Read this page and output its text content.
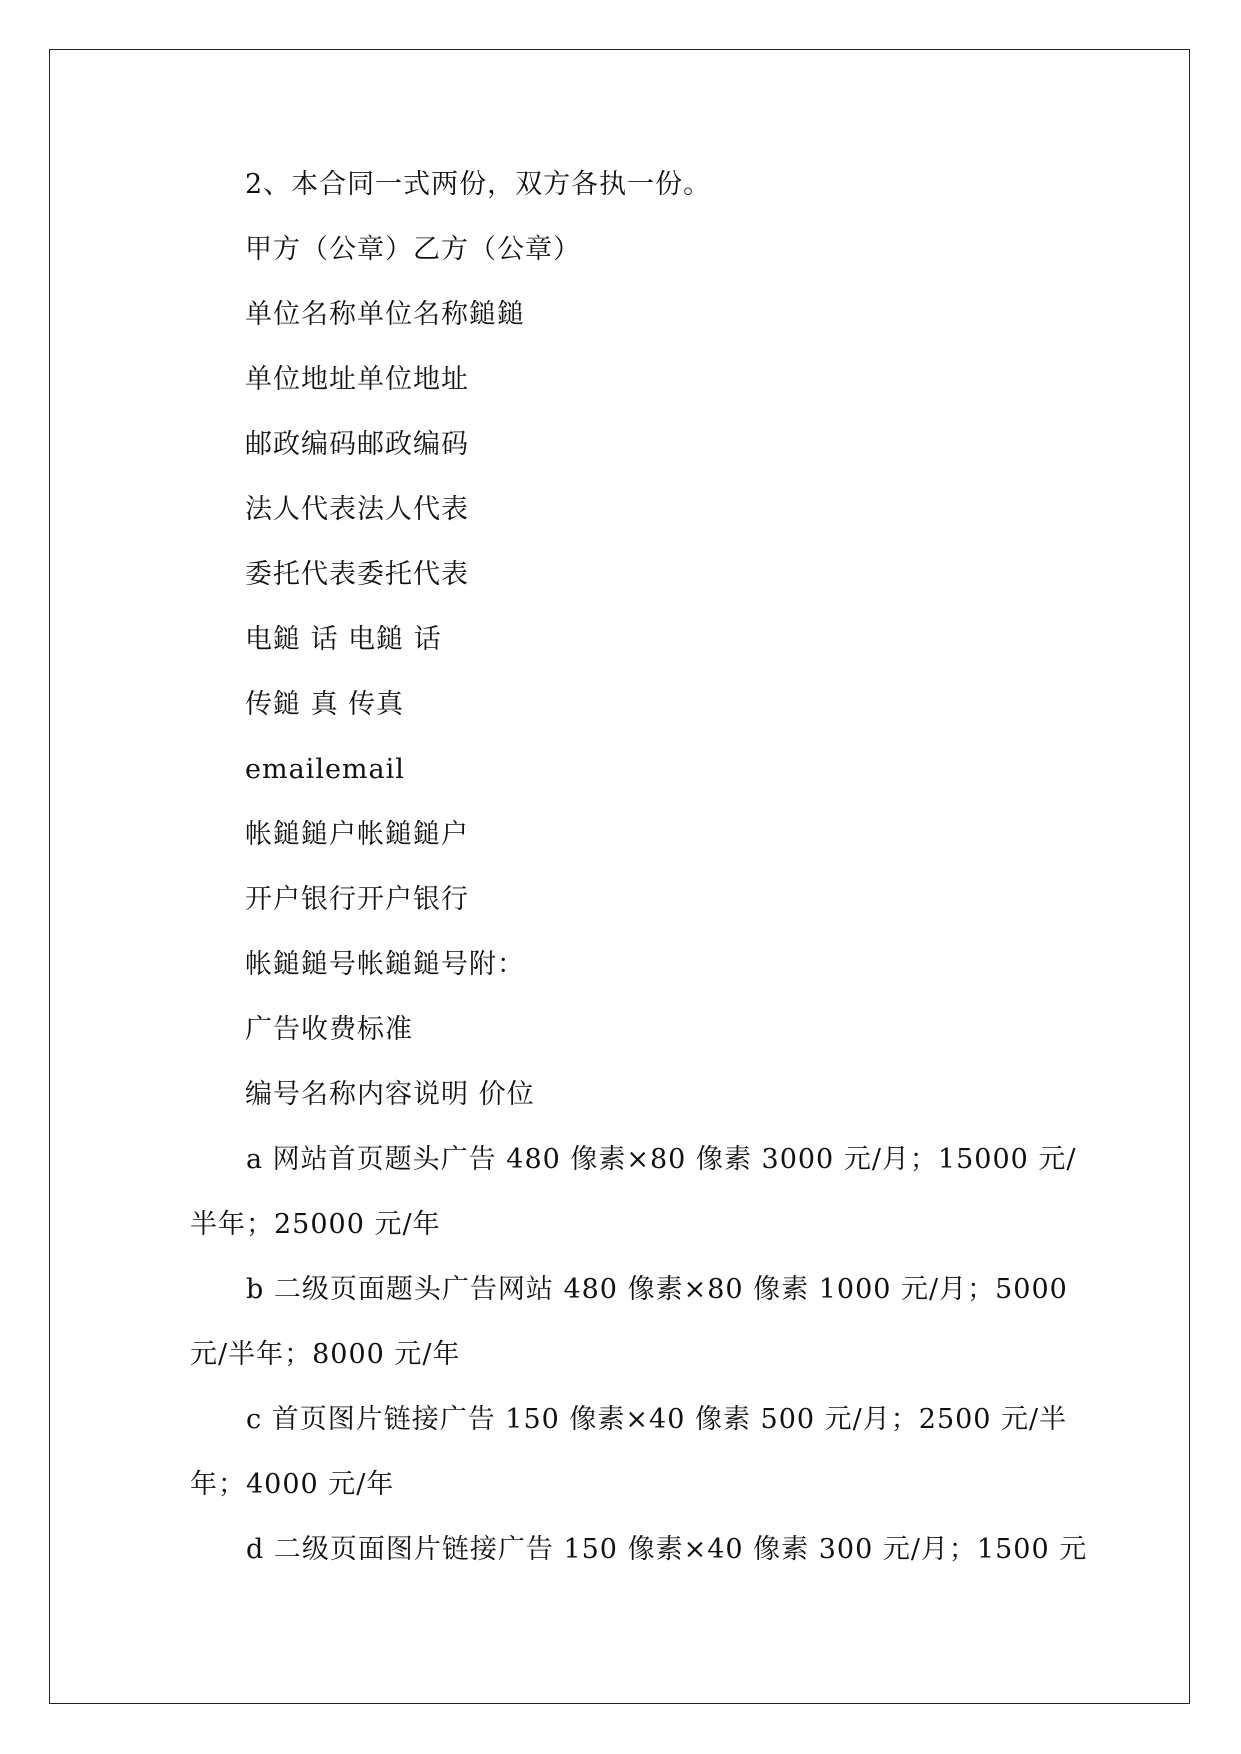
2、本合同一式两份，双方各执一份。

甲方（公章）乙方（公章）

单位名称单位名称鎚鎚

单位地址单位地址

邮政编码邮政编码

法人代表法人代表

委托代表委托代表

电鎚 话 电鎚 话

传鎚 真 传真

emailemail

帐鎚鎚户帐鎚鎚户

开户银行开户银行

帐鎚鎚号帐鎚鎚号附：

广告收费标准

编号名称内容说明 价位

a 网站首页题头广告 480 像素×80 像素 3000 元/月；15000 元/
半年；25000 元/年
b 二级页面题头广告网站 480 像素×80 像素 1000 元/月；5000
元/半年；8000 元/年
c 首页图片链接广告 150 像素×40 像素 500 元/月；2500 元/半
年；4000 元/年
d 二级页面图片链接广告 150 像素×40 像素 300 元/月；1500 元
